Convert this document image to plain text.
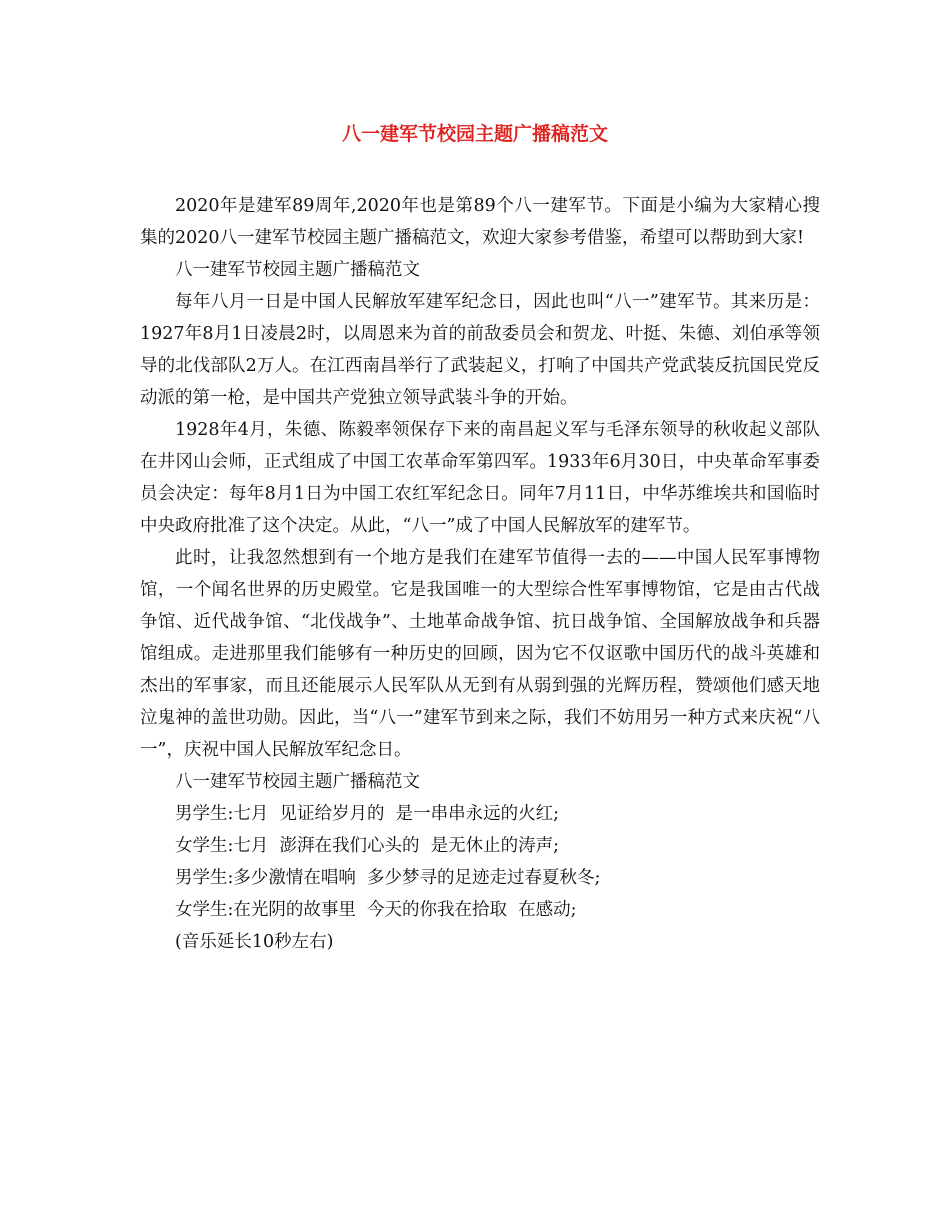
八一建军节校园主题广播稿范文

2020年是建军89周年,2020年也是第89个八一建军节。下面是小编为大家精心搜集的2020八一建军节校园主题广播稿范文，欢迎大家参考借鉴，希望可以帮助到大家!

八一建军节校园主题广播稿范文

每年八月一日是中国人民解放军建军纪念日，因此也叫“八一”建军节。其来历是：1927年8月1日凌晨2时，以周恩来为首的前敌委员会和贺龙、叶挺、朱德、刘伯承等领导的北伐部队2万人。在江西南昌举行了武装起义，打响了中国共产党武装反抗国民党反动派的第一枪，是中国共产党独立领导武装斗争的开始。

1928年4月，朱德、陈毅率领保存下来的南昌起义军与毛泽东领导的秋收起义部队在井冈山会师，正式组成了中国工农革命军第四军。1933年6月30日，中央革命军事委员会决定：每年8月1日为中国工农红军纪念日。同年7月11日，中华苏维埃共和国临时中央政府批准了这个决定。从此，“八一”成了中国人民解放军的建军节。

此时，让我忽然想到有一个地方是我们在建军节值得一去的——中国人民军事博物馆，一个闻名世界的历史殿堂。它是我国唯一的大型综合性军事博物馆，它是由古代战争馆、近代战争馆、“北伐战争”、土地革命战争馆、抗日战争馆、全国解放战争和兵器馆组成。走进那里我们能够有一种历史的回顾，因为它不仅讴歌中国历代的战斗英雄和杰出的军事家，而且还能展示人民军队从无到有从弱到强的光辉历程，赞颂他们感天地泣鬼神的盖世功勋。因此，当“八一”建军节到来之际，我们不妨用另一种方式来庆祝“八一”，庆祝中国人民解放军纪念日。

八一建军节校园主题广播稿范文

男学生:七月  见证给岁月的  是一串串永远的火红;

女学生:七月  澎湃在我们心头的  是无休止的涛声;

男学生:多少激情在唱响  多少梦寻的足迹走过春夏秋冬;

女学生:在光阴的故事里  今天的你我在拾取  在感动;

(音乐延长10秒左右)
